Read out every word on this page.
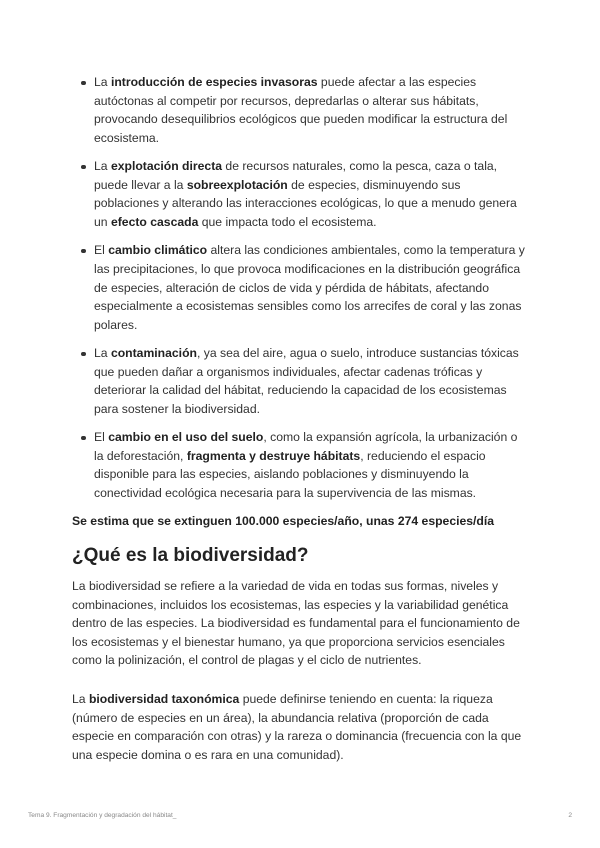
La introducción de especies invasoras puede afectar a las especies autóctonas al competir por recursos, depredarlas o alterar sus hábitats, provocando desequilibrios ecológicos que pueden modificar la estructura del ecosistema.
La explotación directa de recursos naturales, como la pesca, caza o tala, puede llevar a la sobreexplotación de especies, disminuyendo sus poblaciones y alterando las interacciones ecológicas, lo que a menudo genera un efecto cascada que impacta todo el ecosistema.
El cambio climático altera las condiciones ambientales, como la temperatura y las precipitaciones, lo que provoca modificaciones en la distribución geográfica de especies, alteración de ciclos de vida y pérdida de hábitats, afectando especialmente a ecosistemas sensibles como los arrecifes de coral y las zonas polares.
La contaminación, ya sea del aire, agua o suelo, introduce sustancias tóxicas que pueden dañar a organismos individuales, afectar cadenas tróficas y deteriorar la calidad del hábitat, reduciendo la capacidad de los ecosistemas para sostener la biodiversidad.
El cambio en el uso del suelo, como la expansión agrícola, la urbanización o la deforestación, fragmenta y destruye hábitats, reduciendo el espacio disponible para las especies, aislando poblaciones y disminuyendo la conectividad ecológica necesaria para la supervivencia de las mismas.

Se estima que se extinguen 100.000 especies/año, unas 274 especies/día

¿Qué es la biodiversidad?

La biodiversidad se refiere a la variedad de vida en todas sus formas, niveles y combinaciones, incluidos los ecosistemas, las especies y la variabilidad genética dentro de las especies. La biodiversidad es fundamental para el funcionamiento de los ecosistemas y el bienestar humano, ya que proporciona servicios esenciales como la polinización, el control de plagas y el ciclo de nutrientes.

La biodiversidad taxonómica puede definirse teniendo en cuenta: la riqueza (número de especies en un área), la abundancia relativa (proporción de cada especie en comparación con otras) y la rareza o dominancia (frecuencia con la que una especie domina o es rara en una comunidad).

Tema 9. Fragmentación y degradación del hábitat_	2
